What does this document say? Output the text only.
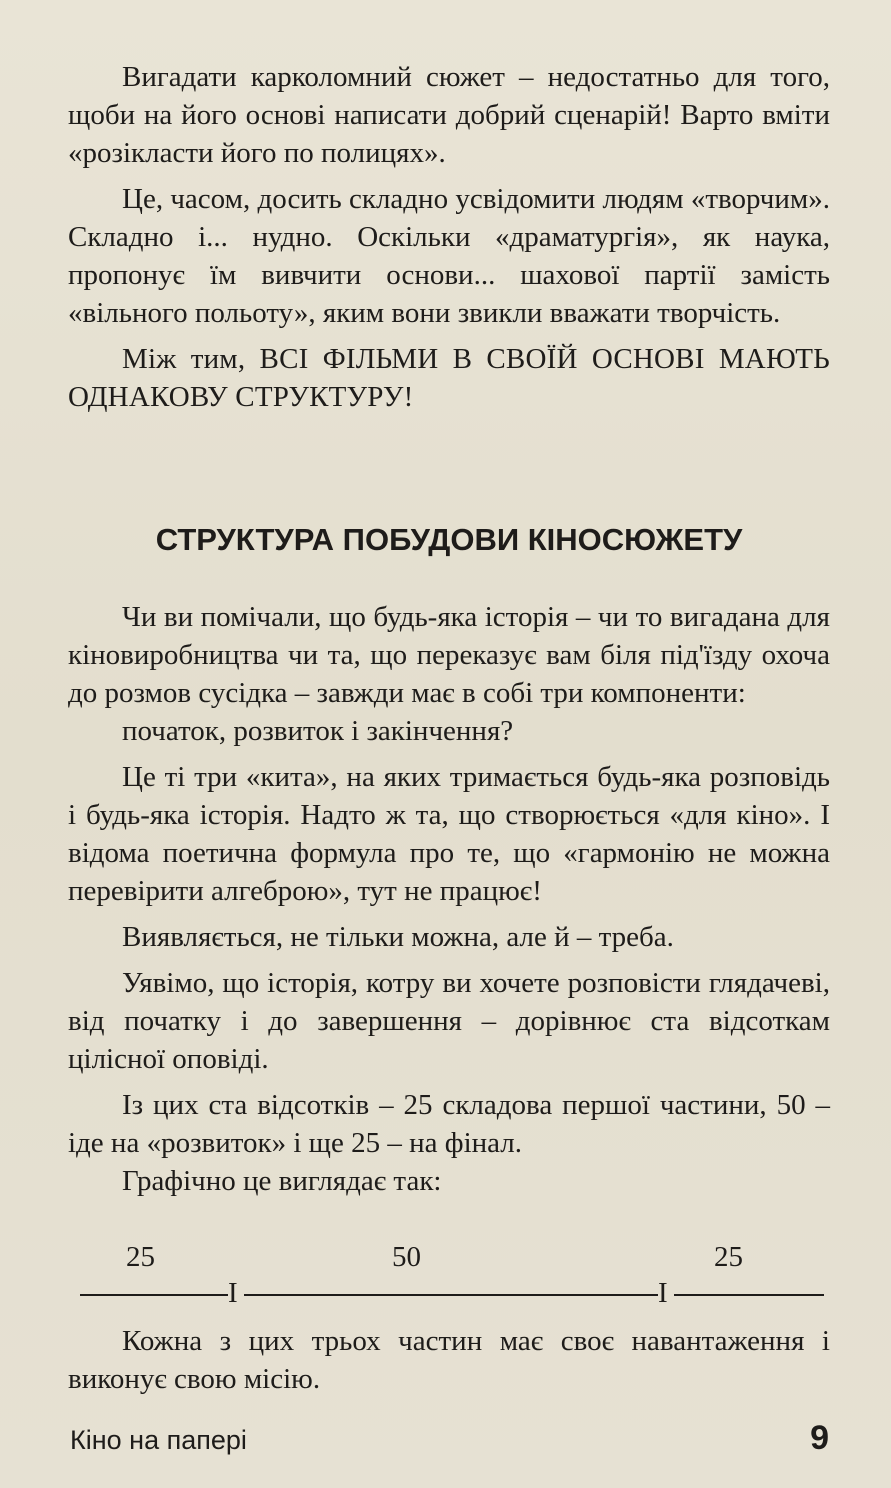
Вигадати карколомний сюжет – недостатньо для того, щоби на його основі написати добрий сценарій! Варто вміти «розікласти його по полицях».

Це, часом, досить складно усвідомити людям «творчим». Складно і... нудно. Оскільки «драматургія», як наука, пропонує їм вивчити основи... шахової партії замість «вільного польоту», яким вони звикли вважати творчість.

Між тим, ВСІ ФІЛЬМИ В СВОЇЙ ОСНОВІ МАЮТЬ ОДНАКОВУ СТРУКТУРУ!

СТРУКТУРА ПОБУДОВИ КІНОСЮЖЕТУ

Чи ви помічали, що будь-яка історія – чи то вигадана для кіновиробництва чи та, що переказує вам біля під'їзду охоча до розмов сусідка – завжди має в собі три компоненти:

початок, розвиток і закінчення?

Це ті три «кита», на яких тримається будь-яка розповідь і будь-яка історія. Надто ж та, що створюється «для кіно». І відома поетична формула про те, що «гармонію не можна перевірити алгеброю», тут не працює!

Виявляється, не тільки можна, але й – треба.

Уявімо, що історія, котру ви хочете розповісти глядачеві, від початку і до завершення – дорівнює ста відсоткам цілісної оповіді.

Із цих ста відсотків – 25 складова першої частини, 50 – іде на «розвиток» і ще 25 – на фінал.

Графічно це виглядає так:

25	50	25
I	I

Кожна з цих трьох частин має своє навантаження і виконує свою місію.

Кіно на папері	9
